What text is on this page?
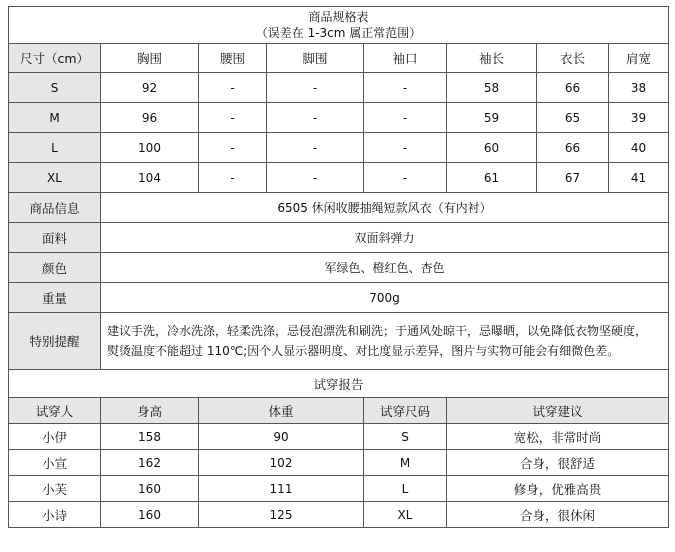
商品规格表
（误差在 1-3cm 属正常范围）							

尺寸（cm）	胸围	腰围	脚围	袖口	袖长	衣长	肩宽
S	92	-	-	-	58	66	38
M	96	-	-	-	59	65	39
L	100	-	-	-	60	66	40
XL	104	-	-	-	61	67	41
商品信息	6505 休闲收腰抽绳短款风衣（有内衬）						
面料	双面斜弹力						
颜色	军绿色、橙红色、杏色						
重量	700g						
特别提醒	建议手洗，冷水洗涤，轻柔洗涤，忌侵泡漂洗和刷洗；于通风处晾干，忌曝晒，以免降低衣物坚硬度，
熨烫温度不能超过 110℃;因个人显示器明度、对比度显示差异，图片与实物可能会有细微色差。						

试穿报告							
试穿人	身高	体重		试穿尺码	试穿建议		
小伊	158	90		S	宽松，非常时尚		
小宣	162	102		M	合身，很舒适		
小芙	160	111		L	修身，优雅高贵		
小诗	160	125		XL	合身，很休闲		
